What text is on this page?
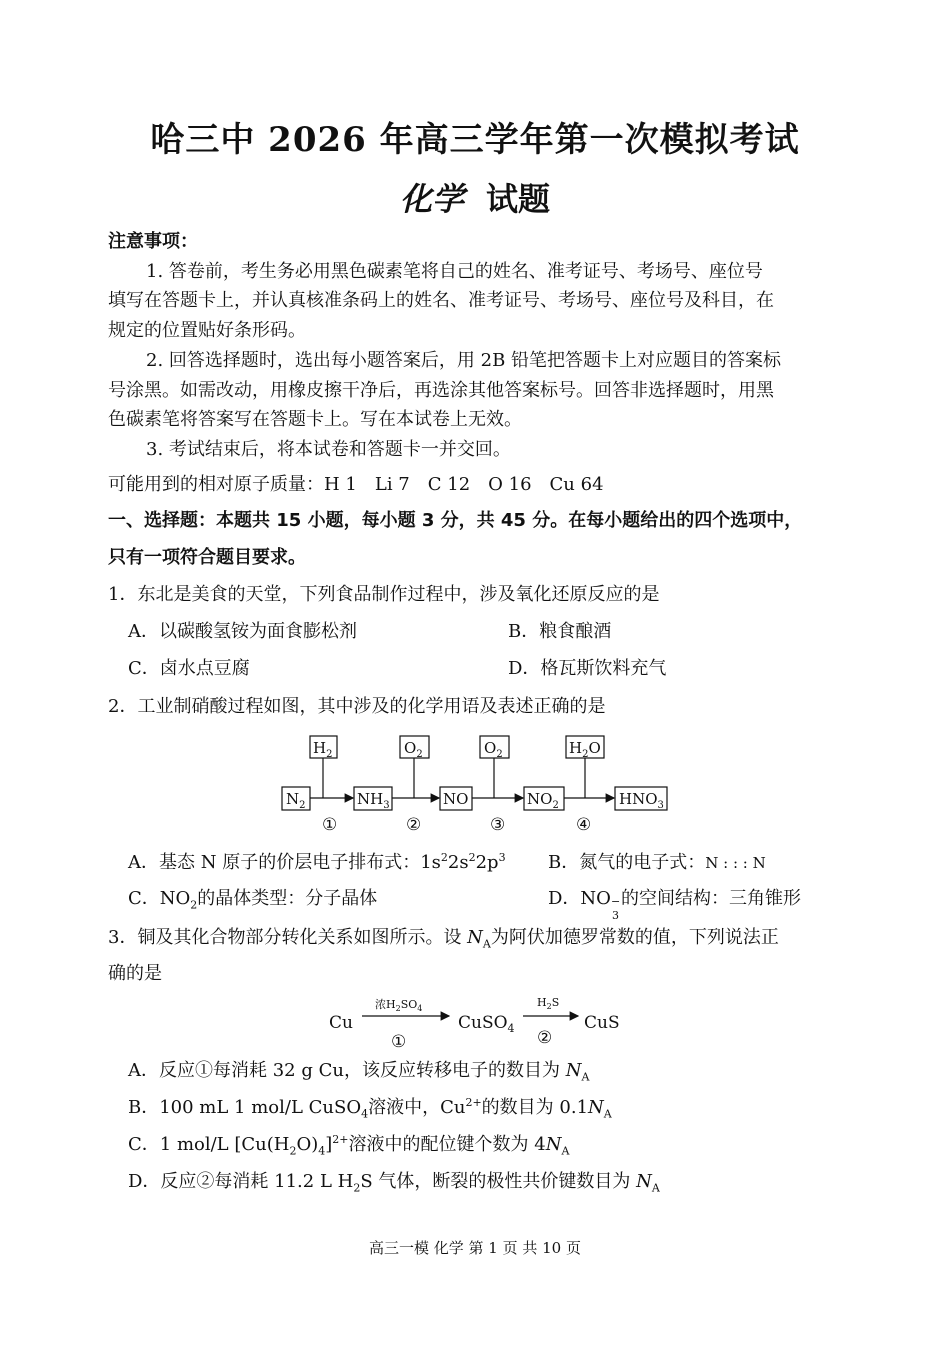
哈三中 2026 年高三学年第一次模拟考试
化学 试题
注意事项：
1. 答卷前，考生务必用黑色碳素笔将自己的姓名、准考证号、考场号、座位号
填写在答题卡上，并认真核准条码上的姓名、准考证号、考场号、座位号及科目，在
规定的位置贴好条形码。
2. 回答选择题时，选出每小题答案后，用 2B 铅笔把答题卡上对应题目的答案标
号涂黑。如需改动，用橡皮擦干净后，再选涂其他答案标号。回答非选择题时，用黑
色碳素笔将答案写在答题卡上。写在本试卷上无效。
3. 考试结束后，将本试卷和答题卡一并交回。
可能用到的相对原子质量：H 1　Li 7　C 12　O 16　Cu 64
一、选择题：本题共 15 小题，每小题 3 分，共 45 分。在每小题给出的四个选项中，
只有一项符合题目要求。
1．东北是美食的天堂，下列食品制作过程中，涉及氧化还原反应的是
A．以碳酸氢铵为面食膨松剂	B．粮食酿酒
C．卤水点豆腐	D．格瓦斯饮料充气
2．工业制硝酸过程如图，其中涉及的化学用语及表述正确的是
$H_2$	$O_2$	$O_2$	$H_2O$
$N_2$	$NH_3$	NO	$NO_2$	$HNO_3$
①	②	③	④
A．基态 N 原子的价层电子排布式：$1s^22s^22p^3$ B．氮气的电子式：N : : : N
C．$NO_2$的晶体类型：分子晶体	D．NO −
3
的空间结构：三角锥形
3．铜及其化合物部分转化关系如图所示。设 $N_A$为阿伏加德罗常数的值，下列说法正
确的是
Cu	CuSO$_4$	CuS
浓$H_2SO_4$	$H_2S$
①	②
A．反应①每消耗 32 g Cu，该反应转移电子的数目为 $N_A$
B．100 mL 1 mol/L CuSO$_4$溶液中，$Cu^{2+}$的数目为 $0.1N_A$
C．1 mol/L $[Cu(H_2O)_4]^{2+}$溶液中的配位键个数为 $4N_A$
D．反应②每消耗 11.2 L $H_2S$ 气体，断裂的极性共价键数目为 $N_A$
高三一模 化学 第 1 页 共 10 页
